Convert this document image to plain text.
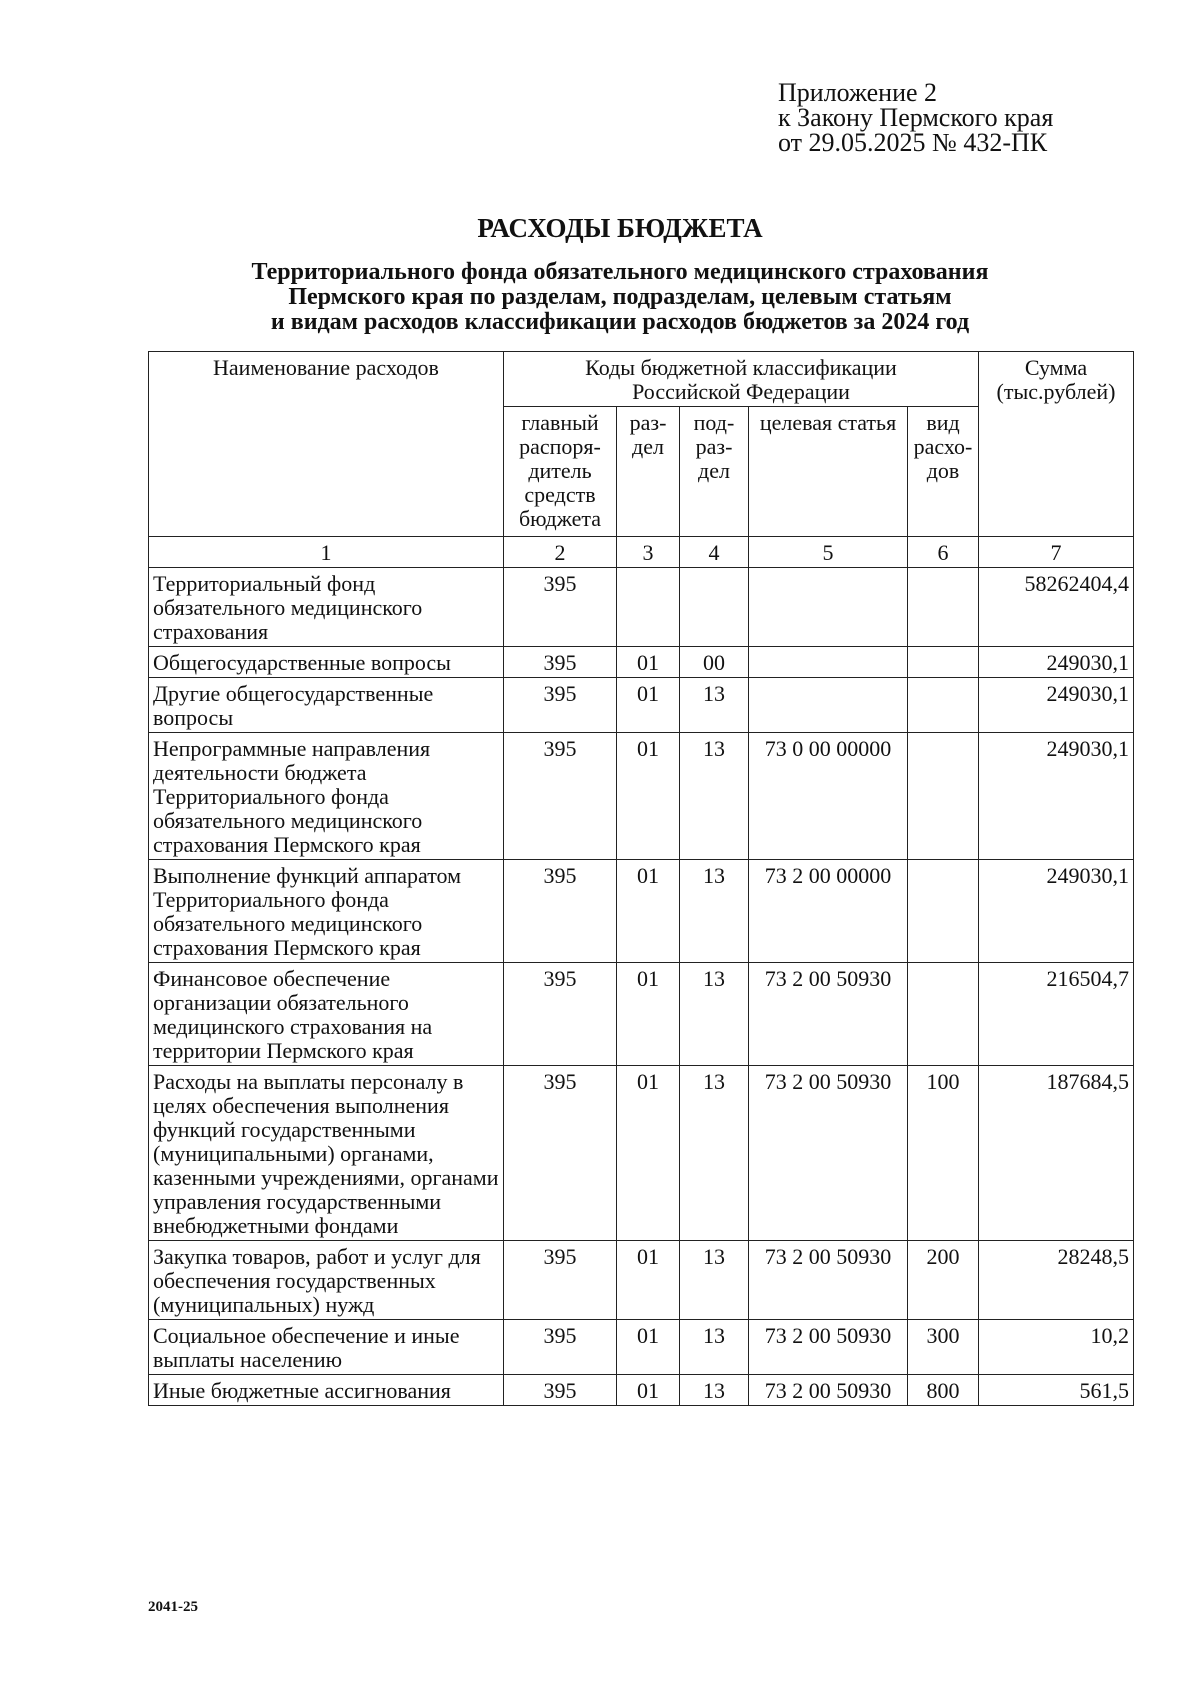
Приложение 2
к Закону Пермского края
от 29.05.2025 № 432-ПК
РАСХОДЫ БЮДЖЕТА
Территориального фонда обязательного медицинского страхования
Пермского края по разделам, подразделам, целевым статьям
и видам расходов классификации расходов бюджетов за 2024 год
Наименование расходов	Коды бюджетной классификации Российской Федерации					Сумма (тыс.рублей)
	главный распоря-дитель средств бюджета	раз-дел	под-раз-дел	целевая статья	вид расхо-дов	
1	2	3	4	5	6	7
Территориальный фонд обязательного медицинского страхования	395					58262404,4
Общегосударственные вопросы	395	01	00			249030,1
Другие общегосударственные вопросы	395	01	13			249030,1
Непрограммные направления деятельности бюджета Территориального фонда обязательного медицинского страхования Пермского края	395	01	13	73 0 00 00000		249030,1
Выполнение функций аппаратом Территориального фонда обязательного медицинского страхования Пермского края	395	01	13	73 2 00 00000		249030,1
Финансовое обеспечение организации обязательного медицинского страхования на территории Пермского края	395	01	13	73 2 00 50930		216504,7
Расходы на выплаты персоналу в целях обеспечения выполнения функций государственными (муниципальными) органами, казенными учреждениями, органами управления государственными внебюджетными фондами	395	01	13	73 2 00 50930	100	187684,5
Закупка товаров, работ и услуг для обеспечения государственных (муниципальных) нужд	395	01	13	73 2 00 50930	200	28248,5
Социальное обеспечение и иные выплаты населению	395	01	13	73 2 00 50930	300	10,2
Иные бюджетные ассигнования	395	01	13	73 2 00 50930	800	561,5
2041-25
